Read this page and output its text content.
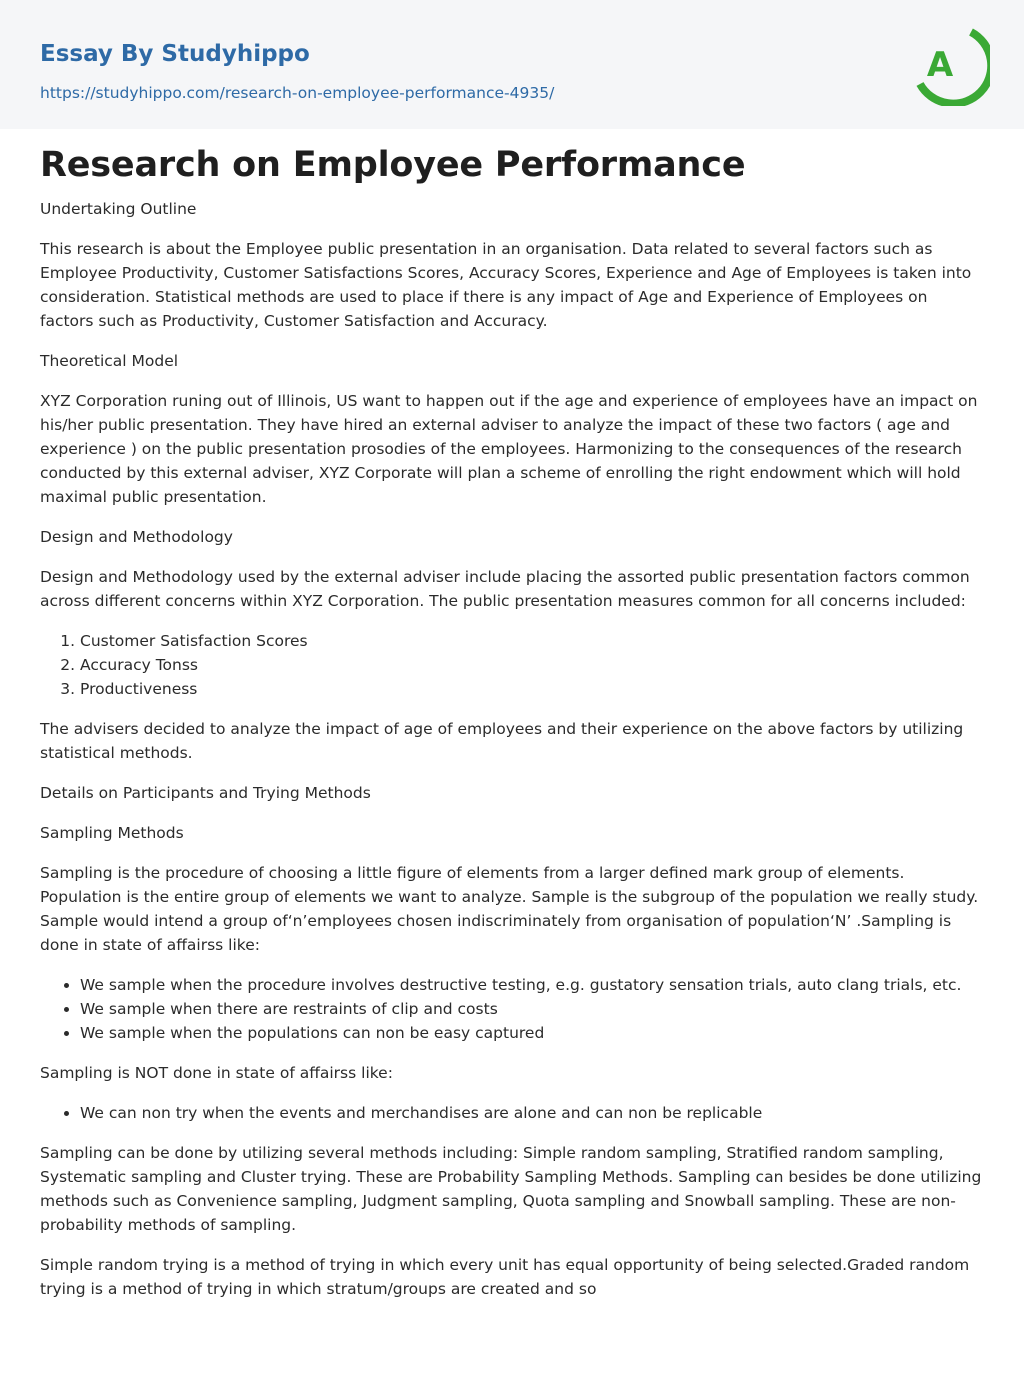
Essay By Studyhippo
https://studyhippo.com/research-on-employee-performance-4935/
A
Research on Employee Performance

Undertaking Outline

This research is about the Employee public presentation in an organisation. Data related to several factors such as Employee Productivity, Customer Satisfactions Scores, Accuracy Scores, Experience and Age of Employees is taken into consideration. Statistical methods are used to place if there is any impact of Age and Experience of Employees on factors such as Productivity, Customer Satisfaction and Accuracy.

Theoretical Model

XYZ Corporation runing out of Illinois, US want to happen out if the age and experience of employees have an impact on his/her public presentation. They have hired an external adviser to analyze the impact of these two factors ( age and experience ) on the public presentation prosodies of the employees. Harmonizing to the consequences of the research conducted by this external adviser, XYZ Corporate will plan a scheme of enrolling the right endowment which will hold maximal public presentation.

Design and Methodology

Design and Methodology used by the external adviser include placing the assorted public presentation factors common across different concerns within XYZ Corporation. The public presentation measures common for all concerns included:

1. Customer Satisfaction Scores
2. Accuracy Tonss
3. Productiveness

The advisers decided to analyze the impact of age of employees and their experience on the above factors by utilizing statistical methods.

Details on Participants and Trying Methods

Sampling Methods

Sampling is the procedure of choosing a little figure of elements from a larger defined mark group of elements. Population is the entire group of elements we want to analyze. Sample is the subgroup of the population we really study. Sample would intend a group of‘n’employees chosen indiscriminately from organisation of population‘N’ .Sampling is done in state of affairss like:

• We sample when the procedure involves destructive testing, e.g. gustatory sensation trials, auto clang trials, etc.
• We sample when there are restraints of clip and costs
• We sample when the populations can non be easy captured

Sampling is NOT done in state of affairss like:

• We can non try when the events and merchandises are alone and can non be replicable

Sampling can be done by utilizing several methods including: Simple random sampling, Stratified random sampling, Systematic sampling and Cluster trying. These are Probability Sampling Methods. Sampling can besides be done utilizing methods such as Convenience sampling, Judgment sampling, Quota sampling and Snowball sampling. These are non-probability methods of sampling.

Simple random trying is a method of trying in which every unit has equal opportunity of being selected.Graded random trying is a method of trying in which stratum/groups are created and so
